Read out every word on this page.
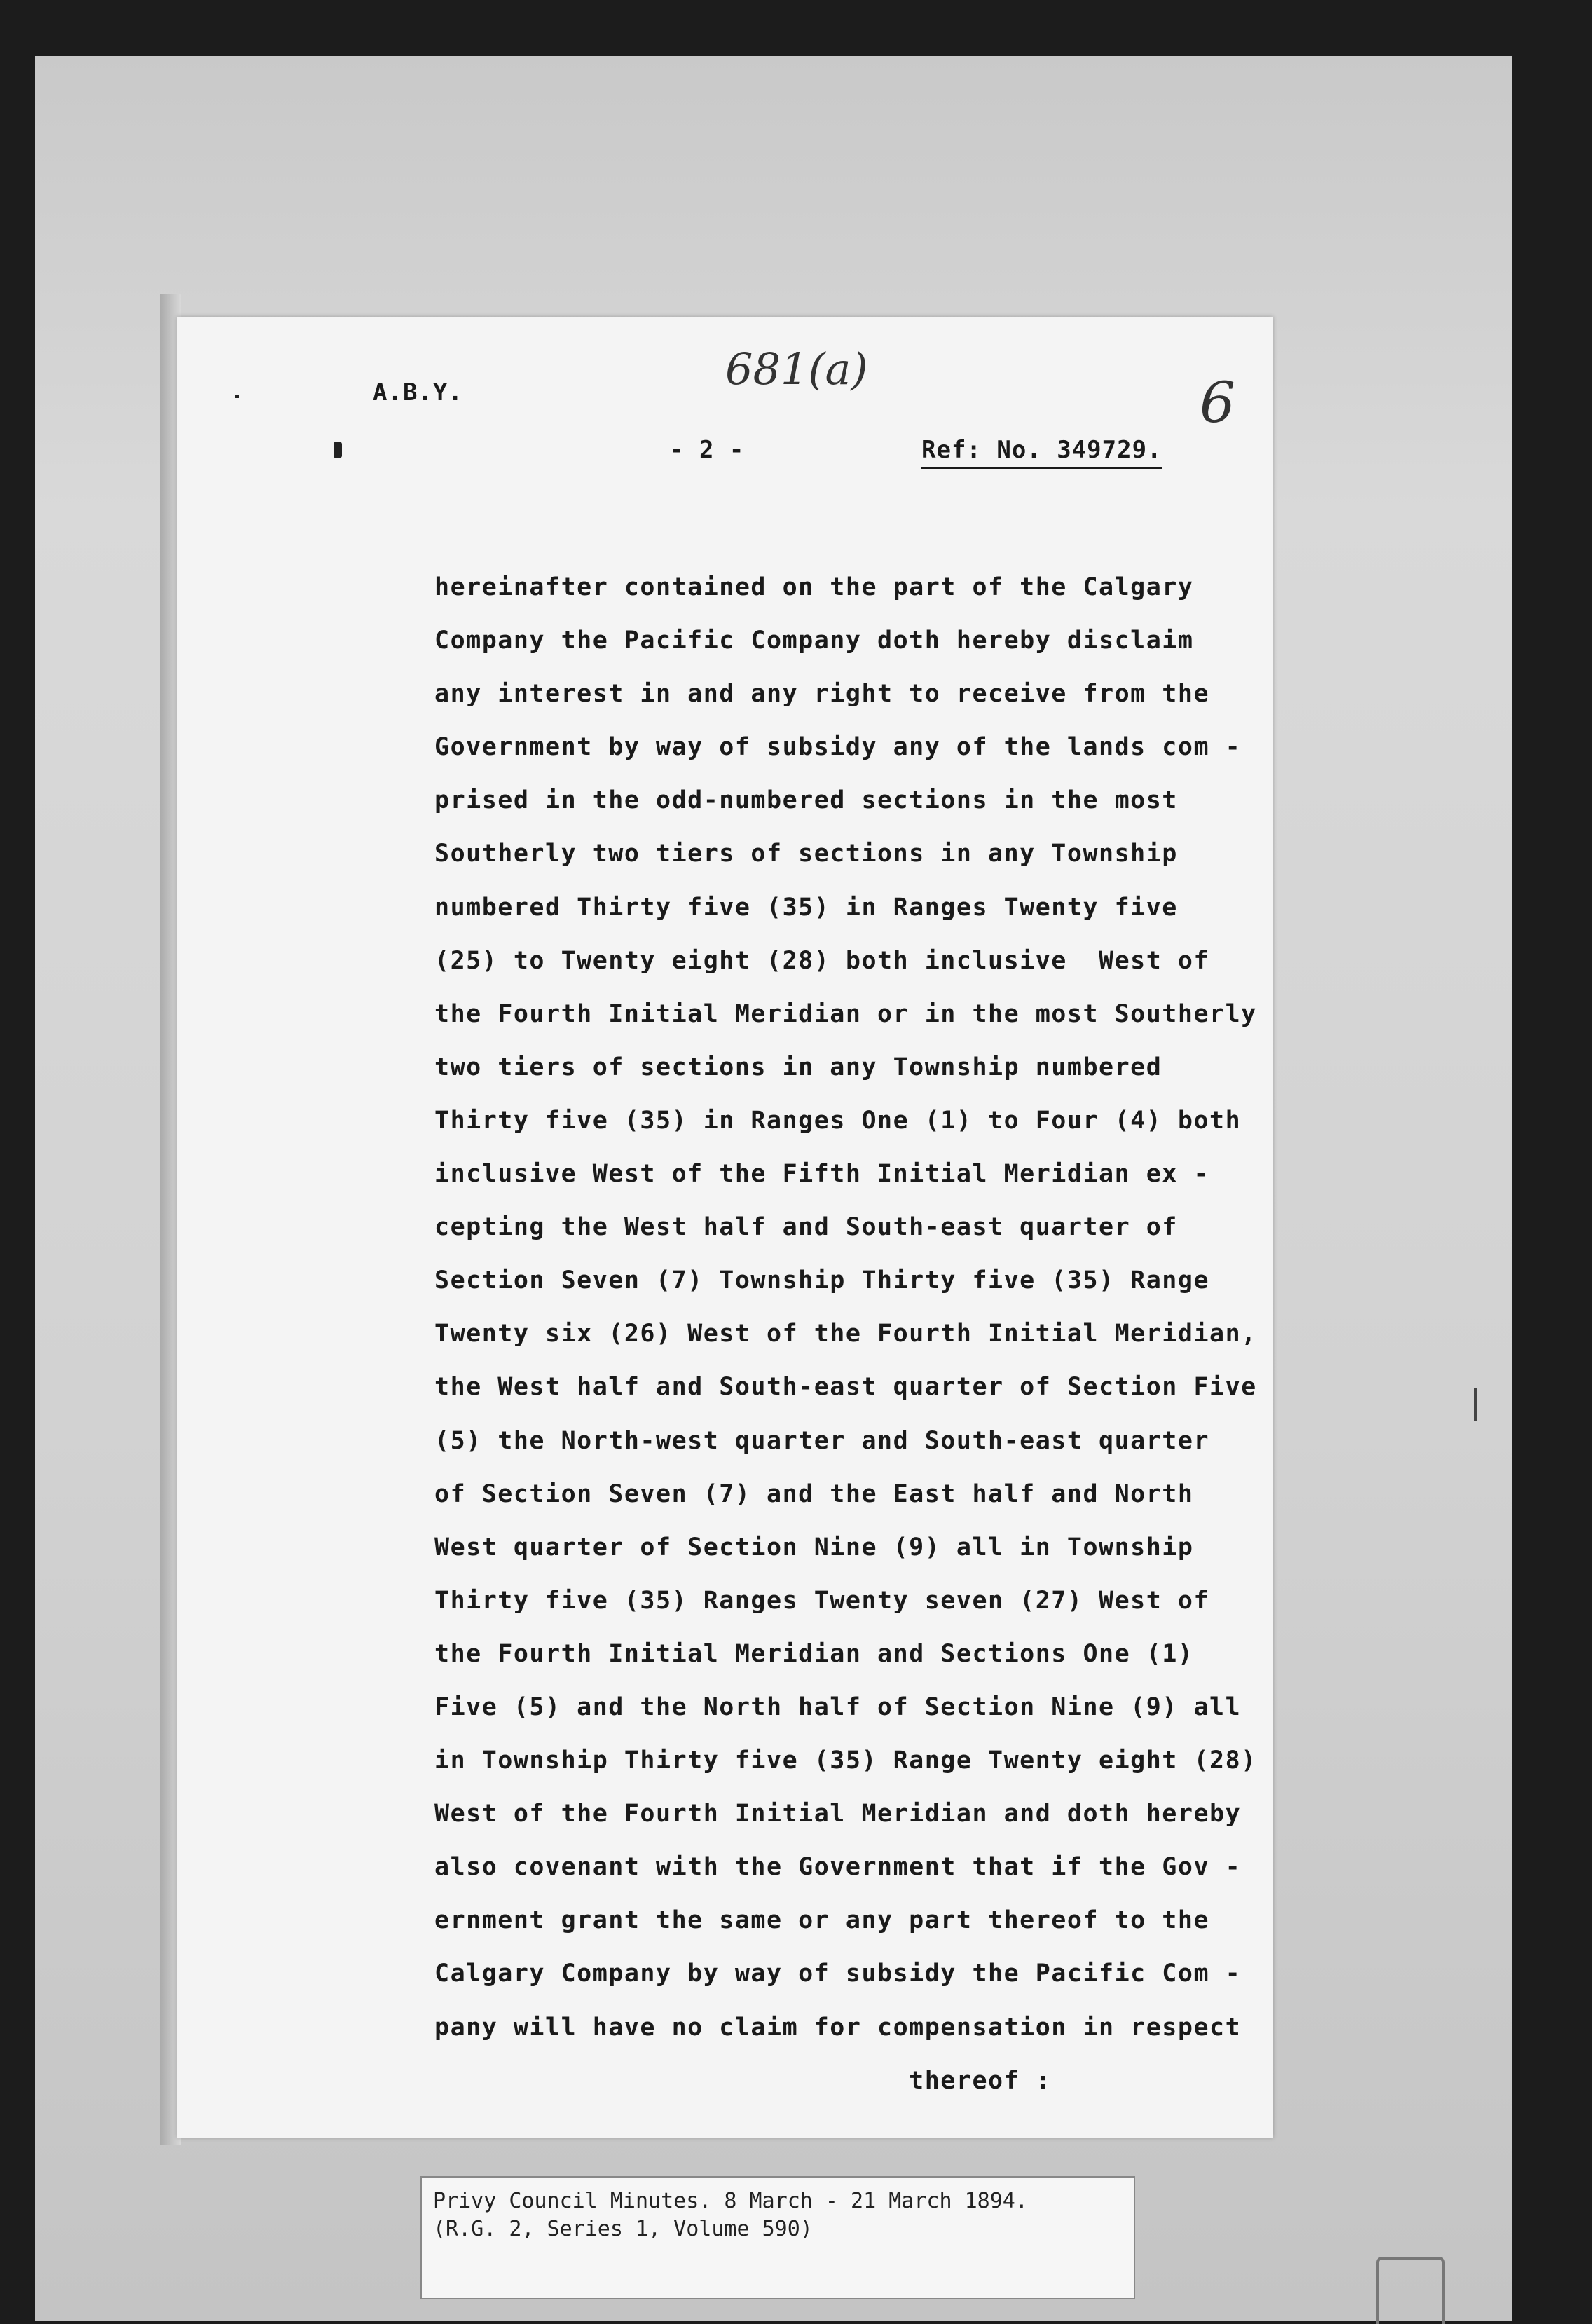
A.B.Y.
- 2 -	Ref: No. 349729.
681(a)
6
hereinafter contained on the part of the Calgary
Company the Pacific Company doth hereby disclaim
any interest in and any right to receive from the
Government by way of subsidy any of the lands com -
prised in the odd-numbered sections in the most
Southerly two tiers of sections in any Township
numbered Thirty five (35) in Ranges Twenty five
(25) to Twenty eight (28) both inclusive  West of
the Fourth Initial Meridian or in the most Southerly
two tiers of sections in any Township numbered
Thirty five (35) in Ranges One (1) to Four (4) both
inclusive West of the Fifth Initial Meridian ex -
cepting the West half and South-east quarter of
Section Seven (7) Township Thirty five (35) Range
Twenty six (26) West of the Fourth Initial Meridian,
the West half and South-east quarter of Section Five
(5) the North-west quarter and South-east quarter
of Section Seven (7) and the East half and North
West quarter of Section Nine (9) all in Township
Thirty five (35) Ranges Twenty seven (27) West of
the Fourth Initial Meridian and Sections One (1)
Five (5) and the North half of Section Nine (9) all
in Township Thirty five (35) Range Twenty eight (28)
West of the Fourth Initial Meridian and doth hereby
also covenant with the Government that if the Gov -
ernment grant the same or any part thereof to the
Calgary Company by way of subsidy the Pacific Com -
pany will have no claim for compensation in respect
thereof :
Privy Council Minutes. 8 March - 21 March 1894.
(R.G. 2, Series 1, Volume 590)
